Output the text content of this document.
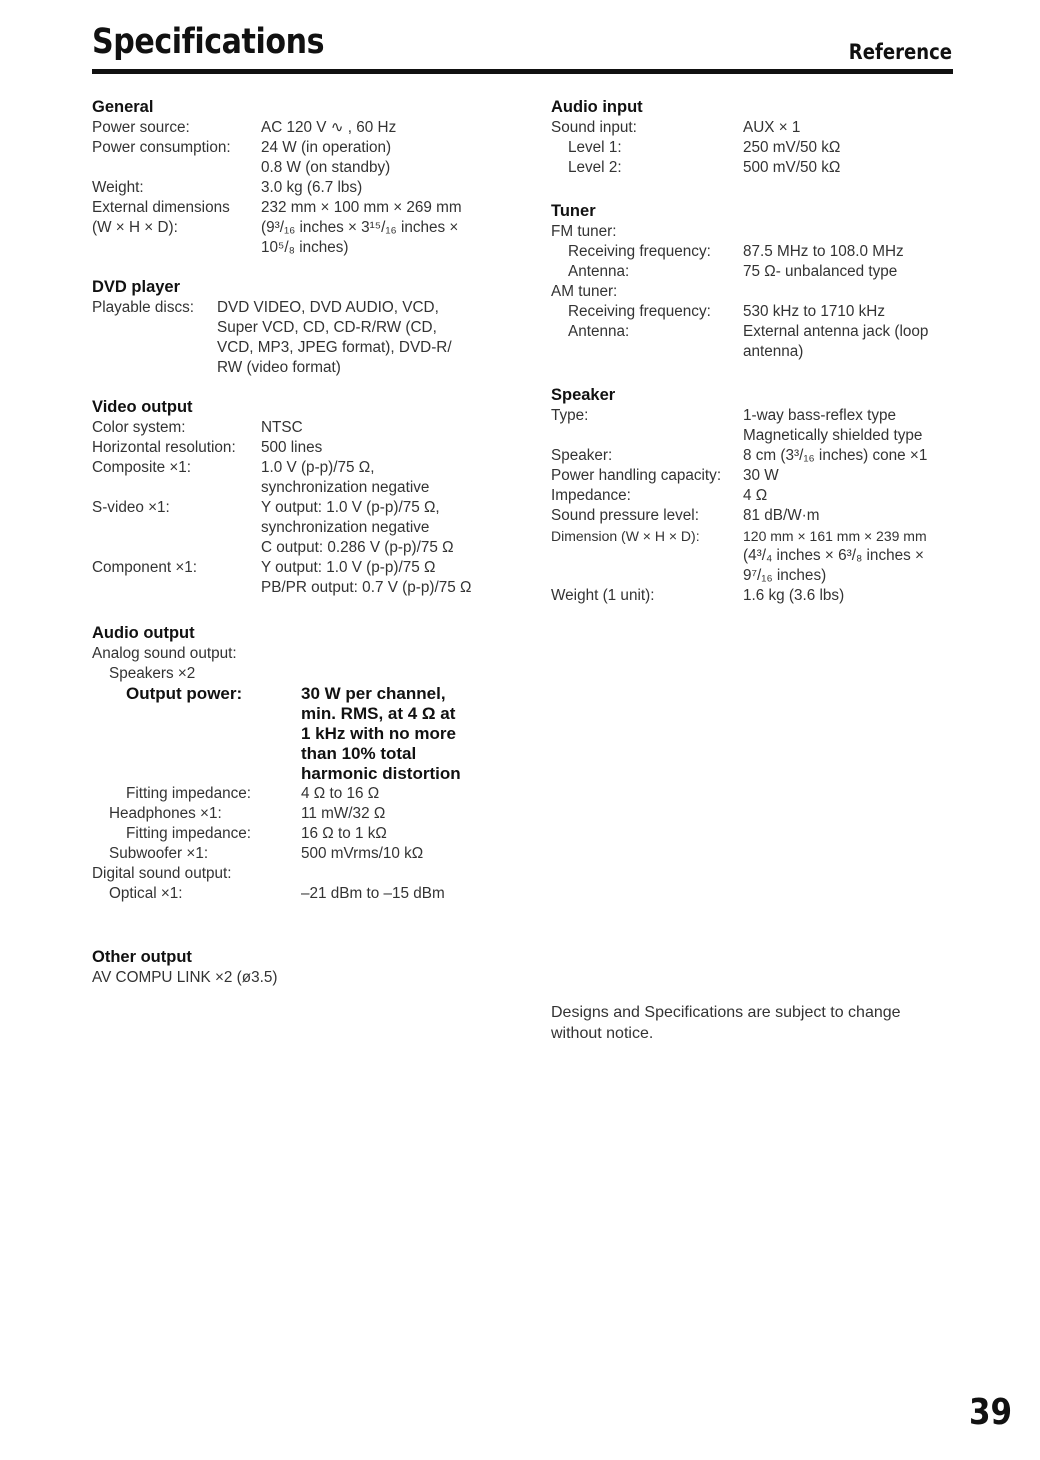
Specifications	Reference
General
Power source:	AC 120 V ∿ , 60 Hz
Power consumption:	24 W (in operation)
0.8 W (on standby)
Weight:	3.0 kg (6.7 lbs)
External dimensions	232 mm × 100 mm × 269 mm
(W × H × D):	(9³/₁₆ inches × 3¹⁵/₁₆ inches ×
10⁵/₈ inches)
DVD player
Playable discs:	DVD VIDEO, DVD AUDIO, VCD,
Super VCD, CD, CD-R/RW (CD,
VCD, MP3, JPEG format), DVD-R/
RW (video format)
Video output
Color system:	NTSC
Horizontal resolution:	500 lines
Composite ×1:	1.0 V (p-p)/75 Ω,
synchronization negative
S-video ×1:	Y output: 1.0 V (p-p)/75 Ω,
synchronization negative
C output: 0.286 V (p-p)/75 Ω
Component ×1:	Y output: 1.0 V (p-p)/75 Ω
PB/PR output: 0.7 V (p-p)/75 Ω
Audio output
Analog sound output:
Speakers ×2
Output power:	30 W per channel,
min. RMS, at 4 Ω at
1 kHz with no more
than 10% total
harmonic distortion
Fitting impedance:	4 Ω to 16 Ω
Headphones ×1:	11 mW/32 Ω
Fitting impedance:	16 Ω to 1 kΩ
Subwoofer ×1:	500 mVrms/10 kΩ
Digital sound output:
Optical ×1:	–21 dBm to –15 dBm
Other output
AV COMPU LINK ×2 (ø3.5)
Audio input
Sound input:	AUX × 1
Level 1:	250 mV/50 kΩ
Level 2:	500 mV/50 kΩ
Tuner
FM tuner:
Receiving frequency:	87.5 MHz to 108.0 MHz
Antenna:	75 Ω- unbalanced type
AM tuner:
Receiving frequency:	530 kHz to 1710 kHz
Antenna:	External antenna jack (loop
antenna)
Speaker
Type:	1-way bass-reflex type
Magnetically shielded type
Speaker:	8 cm (3³/₁₆ inches) cone ×1
Power handling capacity:	30 W
Impedance:	4 Ω
Sound pressure level:	81 dB/W·m
Dimension (W × H × D):	120 mm × 161 mm × 239 mm
(4³/₄ inches × 6³/₈ inches ×
9⁷/₁₆ inches)
Weight (1 unit):	1.6 kg (3.6 lbs)
Designs and Specifications are subject to change
without notice.
39
